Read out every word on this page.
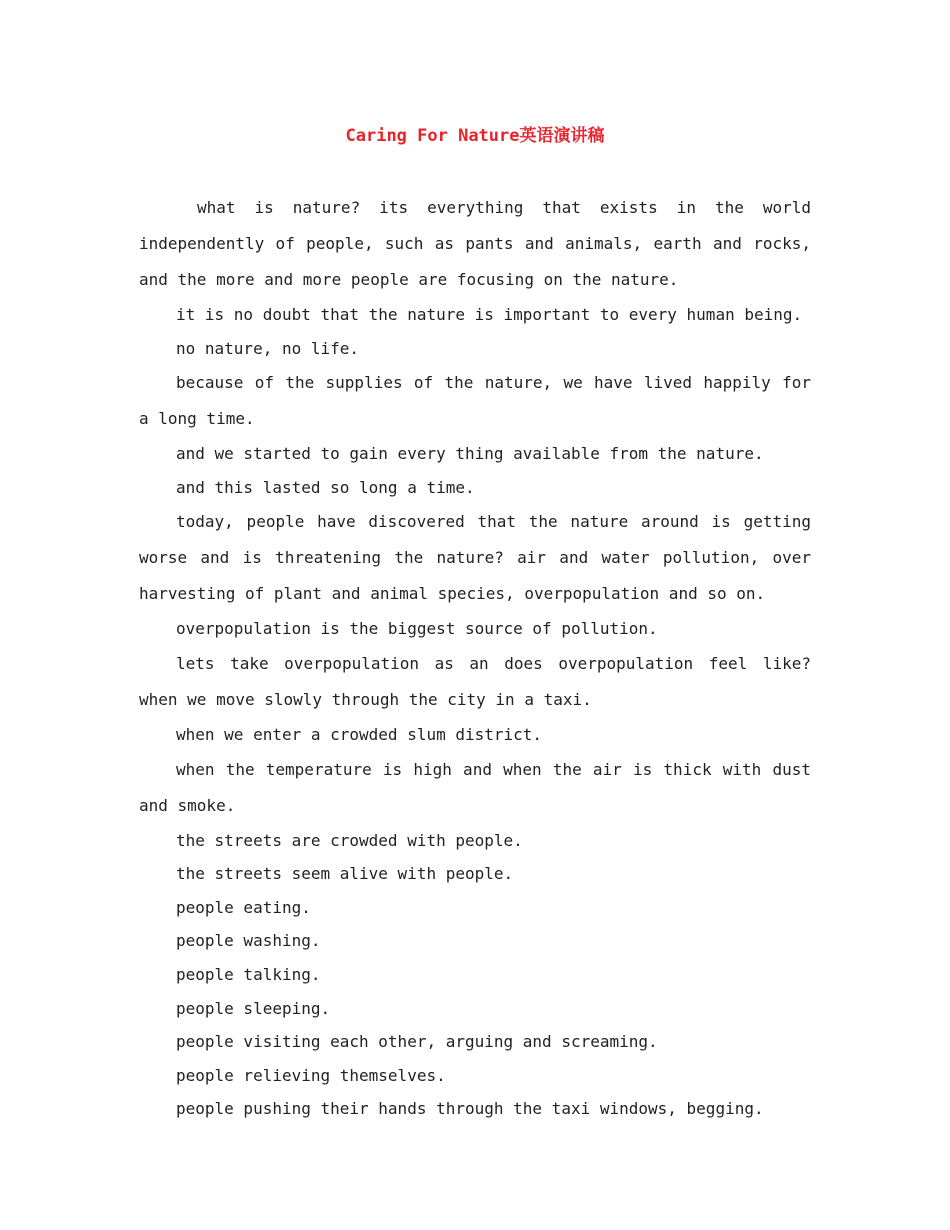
Caring For Nature英语演讲稿

what is nature? its everything that exists in the world independently of people, such as pants and animals, earth and rocks, and the more and more people are focusing on the nature.

it is no doubt that the nature is important to every human being.

no nature, no life.

because of the supplies of the nature, we have lived happily for a long time.

and we started to gain every thing available from the nature.

and this lasted so long a time.

today, people have discovered that the nature around is getting worse and is threatening the nature? air and water pollution, over harvesting of plant and animal species, overpopulation and so on.

overpopulation is the biggest source of pollution.

lets take overpopulation as an does overpopulation feel like? when we move slowly through the city in a taxi.

when we enter a crowded slum district.

when the temperature is high and when the air is thick with dust and smoke.

the streets are crowded with people.

the streets seem alive with people.

people eating.

people washing.

people talking.

people sleeping.

people visiting each other, arguing and screaming.

people relieving themselves.

people pushing their hands through the taxi windows, begging.
